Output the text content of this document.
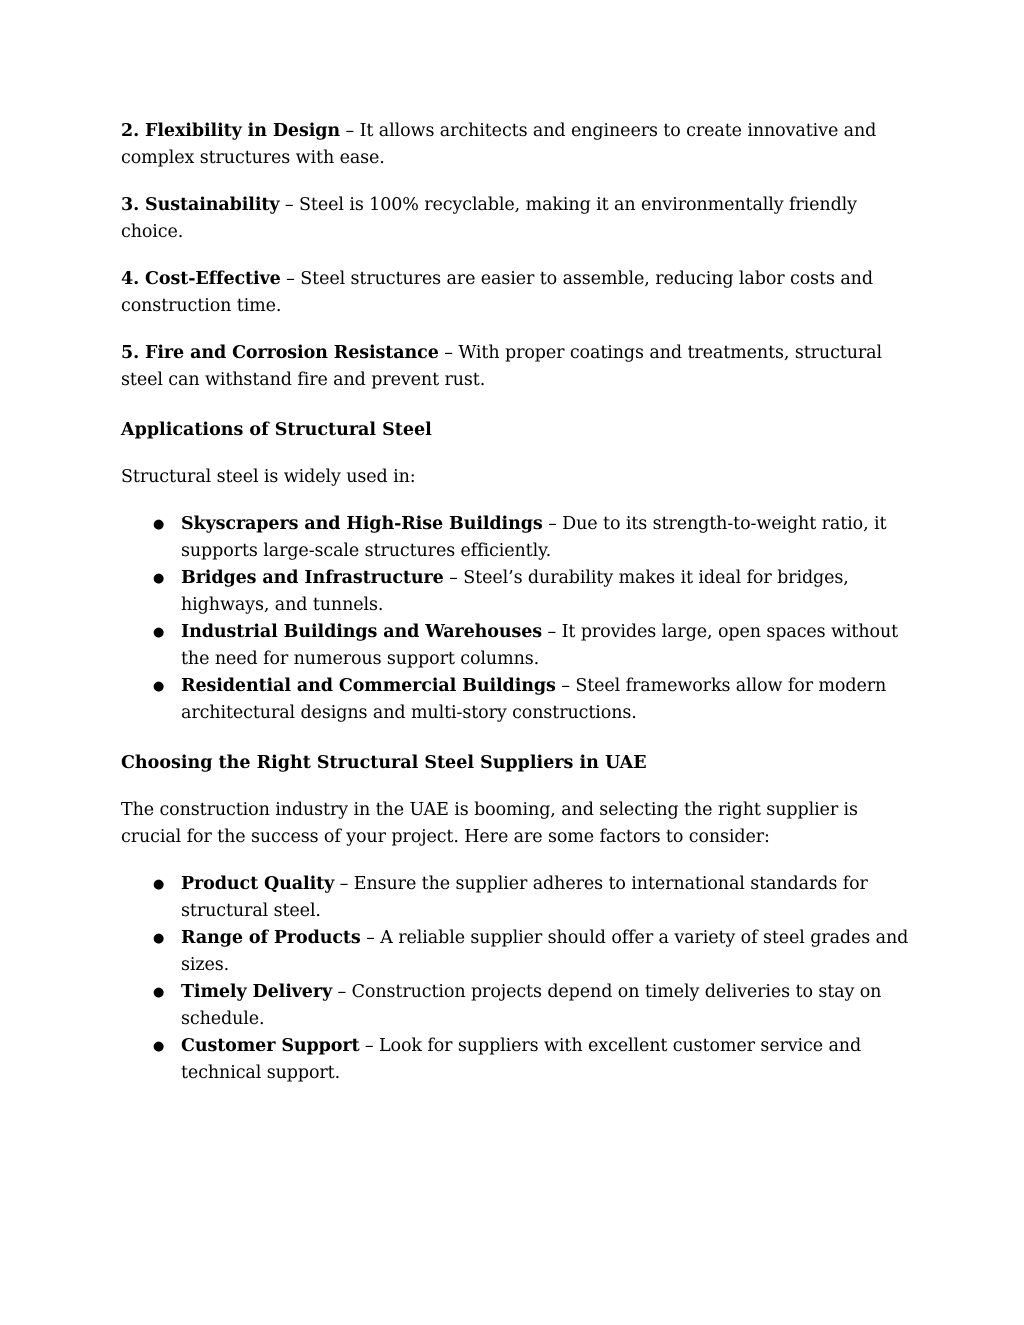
2. Flexibility in Design – It allows architects and engineers to create innovative and complex structures with ease.

3. Sustainability – Steel is 100% recyclable, making it an environmentally friendly choice.

4. Cost-Effective – Steel structures are easier to assemble, reducing labor costs and construction time.

5. Fire and Corrosion Resistance – With proper coatings and treatments, structural steel can withstand fire and prevent rust.

Applications of Structural Steel

Structural steel is widely used in:

● Skyscrapers and High-Rise Buildings – Due to its strength-to-weight ratio, it supports large-scale structures efficiently.
● Bridges and Infrastructure – Steel’s durability makes it ideal for bridges, highways, and tunnels.
● Industrial Buildings and Warehouses – It provides large, open spaces without the need for numerous support columns.
● Residential and Commercial Buildings – Steel frameworks allow for modern architectural designs and multi-story constructions.
Choosing the Right Structural Steel Suppliers in UAE

The construction industry in the UAE is booming, and selecting the right supplier is crucial for the success of your project. Here are some factors to consider:

● Product Quality – Ensure the supplier adheres to international standards for structural steel.
● Range of Products – A reliable supplier should offer a variety of steel grades and sizes.
● Timely Delivery – Construction projects depend on timely deliveries to stay on schedule.
● Customer Support – Look for suppliers with excellent customer service and technical support.
